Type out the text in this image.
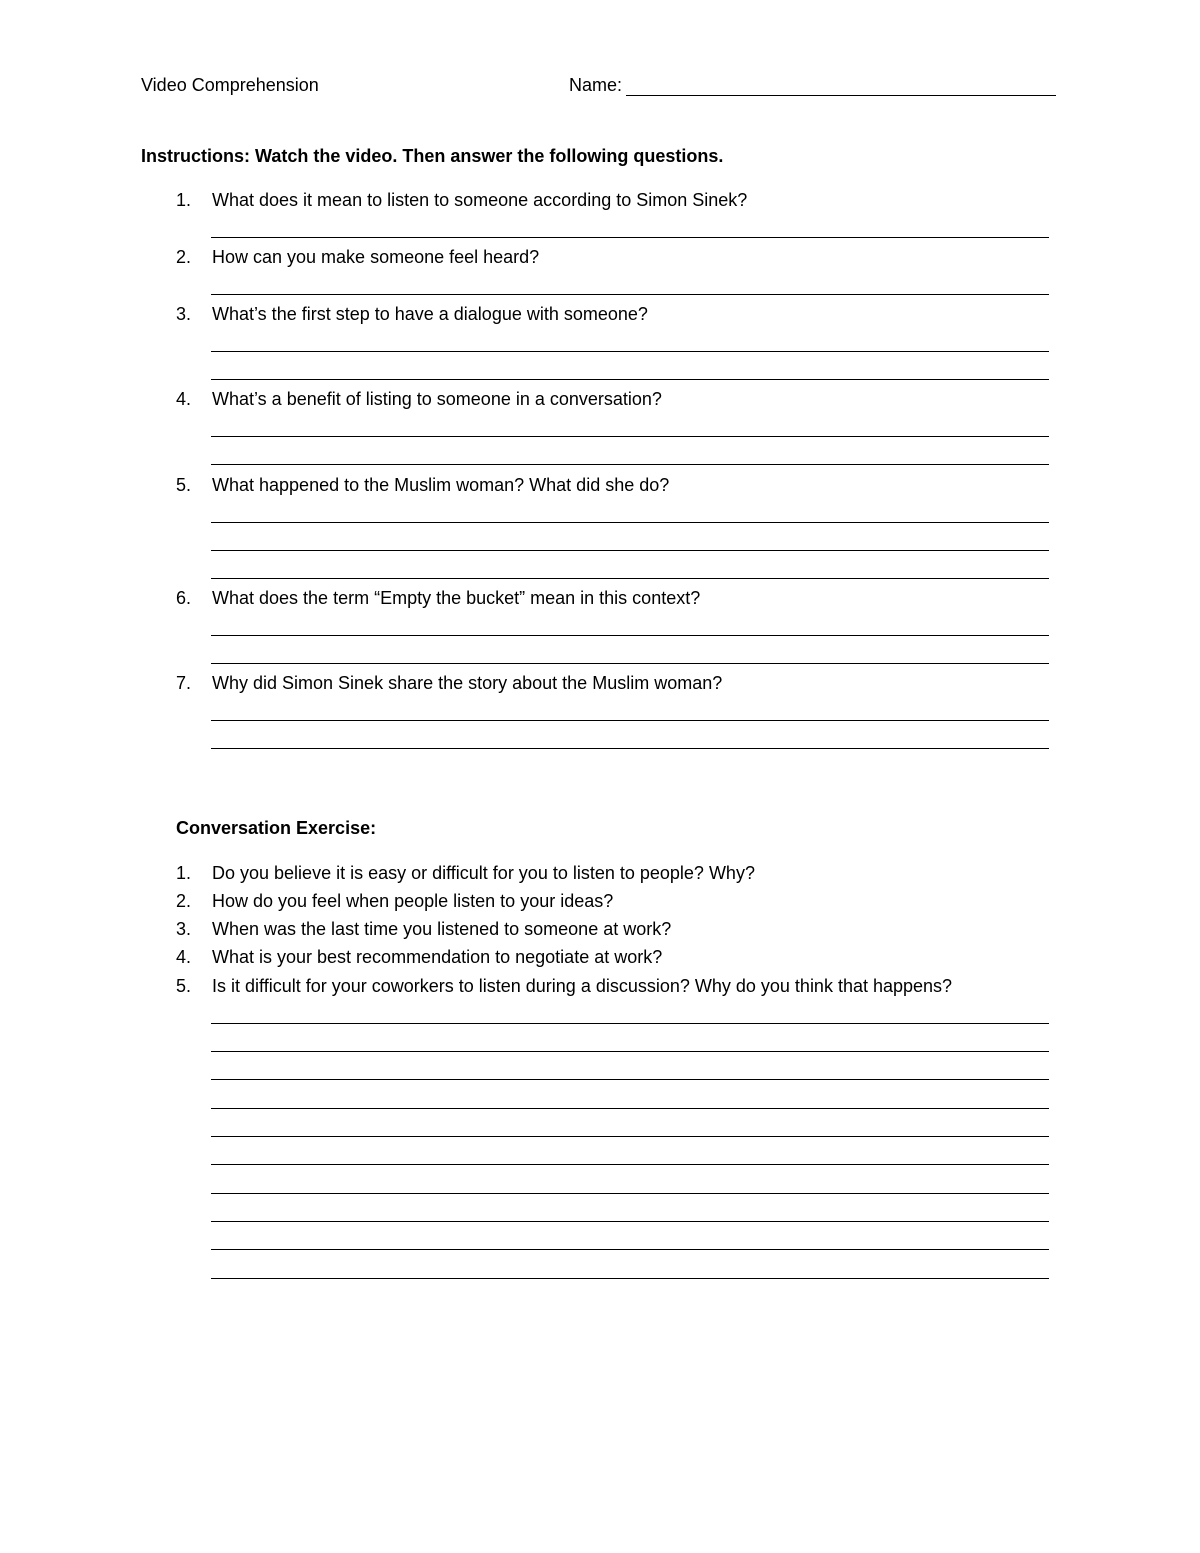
Video Comprehension	Name:
Instructions: Watch the video. Then answer the following questions.
1. What does it mean to listen to someone according to Simon Sinek?
2. How can you make someone feel heard?
3. What’s the first step to have a dialogue with someone?
4. What’s a benefit of listing to someone in a conversation?
5. What happened to the Muslim woman? What did she do?
6. What does the term “Empty the bucket” mean in this context?
7. Why did Simon Sinek share the story about the Muslim woman?
Conversation Exercise:
1. Do you believe it is easy or difficult for you to listen to people? Why?
2. How do you feel when people listen to your ideas?
3. When was the last time you listened to someone at work?
4. What is your best recommendation to negotiate at work?
5. Is it difficult for your coworkers to listen during a discussion? Why do you think that happens?
